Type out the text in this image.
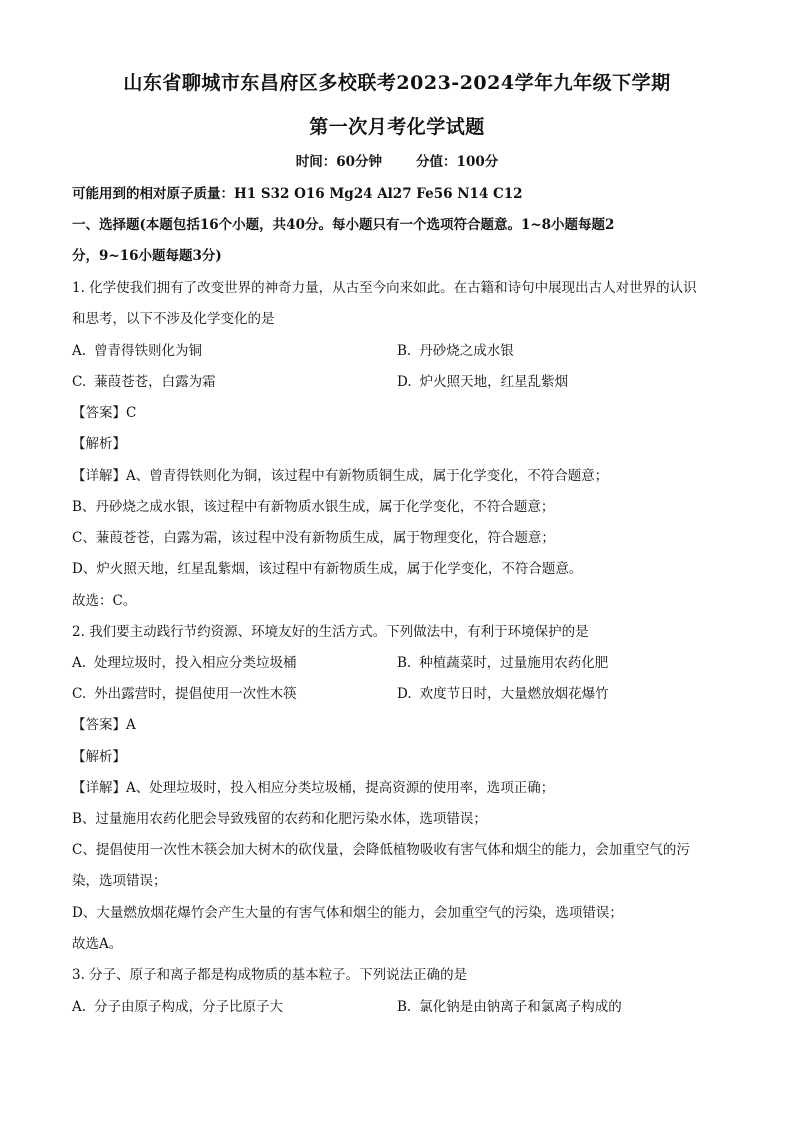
山东省聊城市东昌府区多校联考2023-2024学年九年级下学期
第一次月考化学试题
时间：60分钟	分值：100分
可能用到的相对原子质量：H1 S32 O16 Mg24 Al27 Fe56 N14 C12
一、选择题(本题包括16个小题，共40分。每小题只有一个选项符合题意。1~8小题每题2
分，9~16小题每题3分)
1. 化学使我们拥有了改变世界的神奇力量，从古至今向来如此。在古籍和诗句中展现出古人对世界的认识
和思考，以下不涉及化学变化的是
A. 曾青得铁则化为铜	B. 丹砂烧之成水银
C. 蒹葭苍苍，白露为霜	D. 炉火照天地，红星乱紫烟
【答案】C
【解析】
【详解】A、曾青得铁则化为铜，该过程中有新物质铜生成，属于化学变化，不符合题意；
B、丹砂烧之成水银，该过程中有新物质水银生成，属于化学变化，不符合题意；
C、蒹葭苍苍，白露为霜，该过程中没有新物质生成，属于物理变化，符合题意；
D、炉火照天地，红星乱紫烟，该过程中有新物质生成，属于化学变化，不符合题意。
故选：C。
2. 我们要主动践行节约资源、环境友好的生活方式。下列做法中，有利于环境保护的是
A. 处理垃圾时，投入相应分类垃圾桶	B. 种植蔬菜时，过量施用农药化肥
C. 外出露营时，提倡使用一次性木筷	D. 欢度节日时，大量燃放烟花爆竹
【答案】A
【解析】
【详解】A、处理垃圾时，投入相应分类垃圾桶，提高资源的使用率，选项正确；
B、过量施用农药化肥会导致残留的农药和化肥污染水体，选项错误；
C、提倡使用一次性木筷会加大树木的砍伐量，会降低植物吸收有害气体和烟尘的能力，会加重空气的污
染，选项错误；
D、大量燃放烟花爆竹会产生大量的有害气体和烟尘的能力，会加重空气的污染，选项错误；
故选A。
3. 分子、原子和离子都是构成物质的基本粒子。下列说法正确的是
A. 分子由原子构成，分子比原子大	B. 氯化钠是由钠离子和氯离子构成的
